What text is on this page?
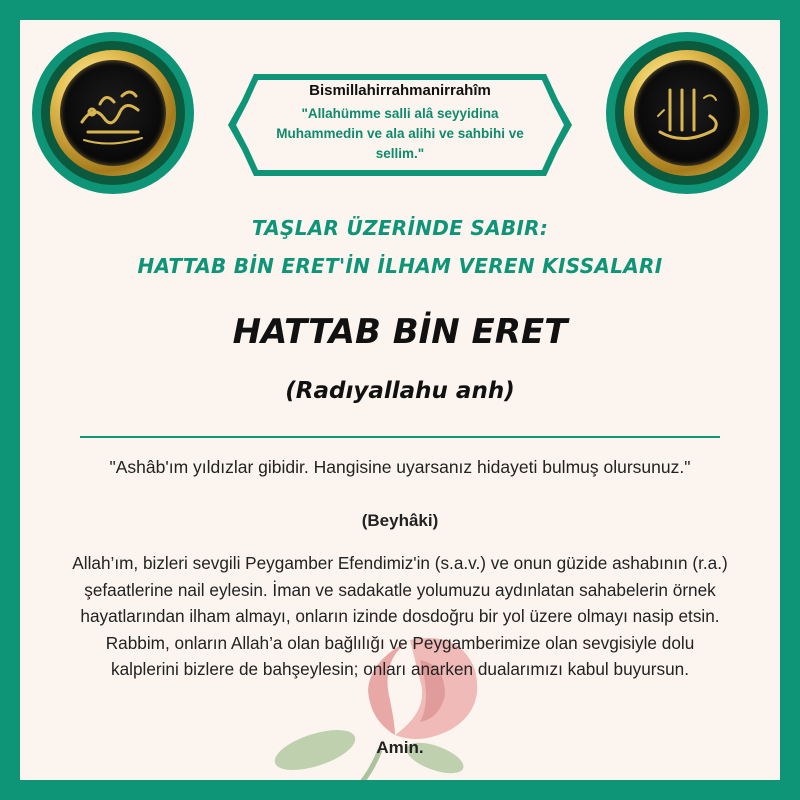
Bismillahirrahmanirrahîm
"Allahümme salli alâ seyyidina Muhammedin ve ala alihi ve sahbihi ve sellim."
TAŞLAR ÜZERİNDE SABIR:
HATTAB BİN ERET'İN İLHAM VEREN KISSALARI
HATTAB BİN ERET
(Radıyallahu anh)
"Ashâb'ım yıldızlar gibidir. Hangisine uyarsanız hidayeti bulmuş olursunuz."
(Beyhâki)
Allah’ım, bizleri sevgili Peygamber Efendimiz'in (s.a.v.) ve onun güzide ashabının (r.a.) şefaatlerine nail eylesin. İman ve sadakatle yolumuzu aydınlatan sahabelerin örnek hayatlarından ilham almayı, onların izinde dosdoğru bir yol üzere olmayı nasip etsin. Rabbim, onların Allah’a olan bağlılığı ve Peygamberimize olan sevgisiyle dolu kalplerini bizlere de bahşeylesin; onları anarken dualarımızı kabul buyursun.
Amin.
